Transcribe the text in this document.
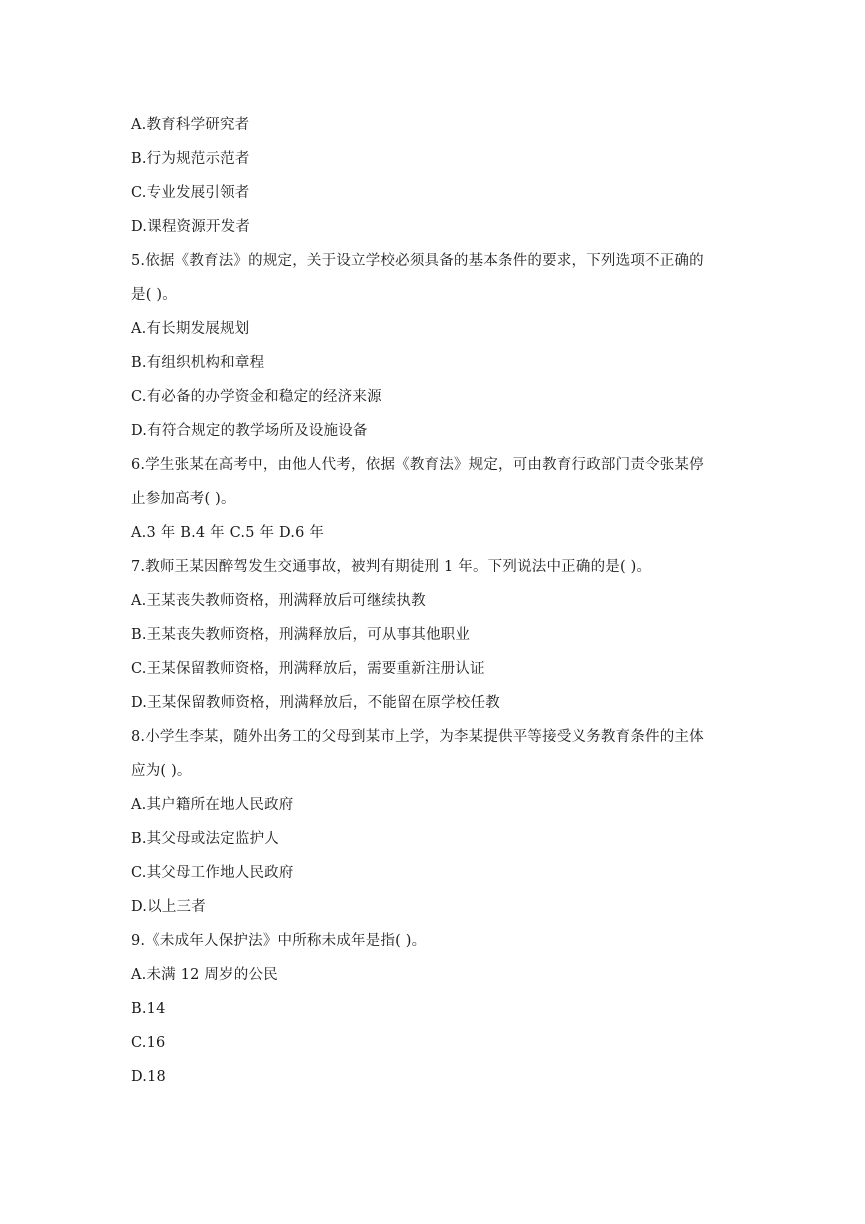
A.教育科学研究者
B.行为规范示范者
C.专业发展引领者
D.课程资源开发者
5.依据《教育法》的规定，关于设立学校必须具备的基本条件的要求，下列选项不正确的
是( )。
A.有长期发展规划
B.有组织机构和章程
C.有必备的办学资金和稳定的经济来源
D.有符合规定的教学场所及设施设备
6.学生张某在高考中，由他人代考，依据《教育法》规定，可由教育行政部门责令张某停
止参加高考( )。
A.3 年 B.4 年 C.5 年 D.6 年
7.教师王某因醉驾发生交通事故，被判有期徒刑 1 年。下列说法中正确的是( )。
A.王某丧失教师资格，刑满释放后可继续执教
B.王某丧失教师资格，刑满释放后，可从事其他职业
C.王某保留教师资格，刑满释放后，需要重新注册认证
D.王某保留教师资格，刑满释放后，不能留在原学校任教
8.小学生李某，随外出务工的父母到某市上学，为李某提供平等接受义务教育条件的主体
应为( )。
A.其户籍所在地人民政府
B.其父母或法定监护人
C.其父母工作地人民政府
D.以上三者
9.《未成年人保护法》中所称未成年是指( )。
A.未满 12 周岁的公民
B.14
C.16
D.18
